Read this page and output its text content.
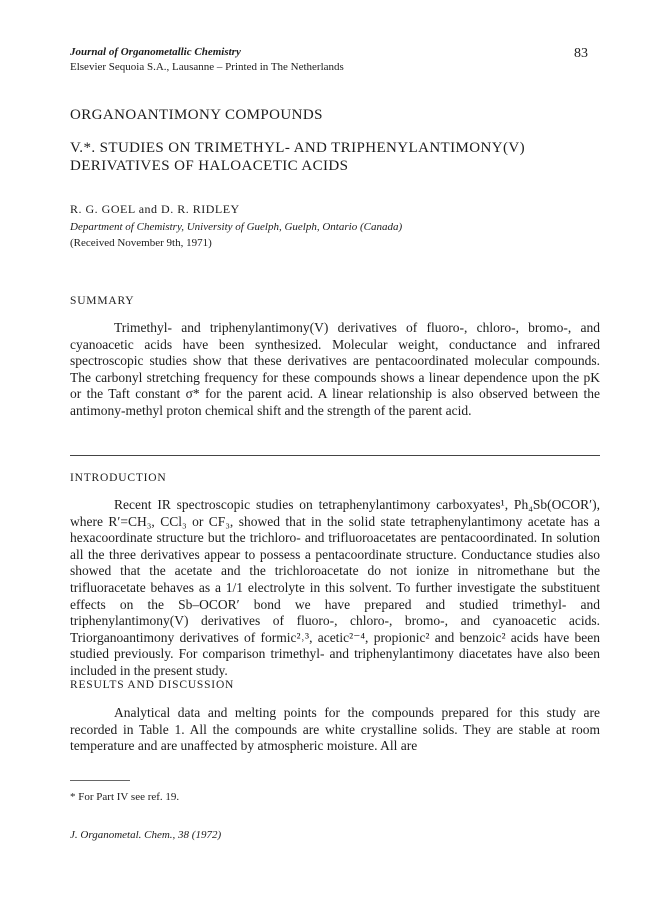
Journal of Organometallic Chemistry
Elsevier Sequoia S.A., Lausanne – Printed in The Netherlands
83
ORGANOANTIMONY COMPOUNDS
V.*. STUDIES ON TRIMETHYL- AND TRIPHENYLANTIMONY(V)
DERIVATIVES OF HALOACETIC ACIDS
R. G. GOEL and D. R. RIDLEY
Department of Chemistry, University of Guelph, Guelph, Ontario (Canada)
(Received November 9th, 1971)
SUMMARY

Trimethyl- and triphenylantimony(V) derivatives of fluoro-, chloro-, bromo-, and cyanoacetic acids have been synthesized. Molecular weight, conductance and infrared spectroscopic studies show that these derivatives are pentacoordinated molecular compounds. The carbonyl stretching frequency for these compounds shows a linear dependence upon the pK or the Taft constant σ* for the parent acid. A linear relationship is also observed between the antimony-methyl proton chemical shift and the strength of the parent acid.

INTRODUCTION

Recent IR spectroscopic studies on tetraphenylantimony carboxyates¹, Ph₄Sb(OCOR′), where R′=CH₃, CCl₃ or CF₃, showed that in the solid state tetraphenylantimony acetate has a hexacoordinate structure but the trichloro- and trifluoroacetates are pentacoordinated. In solution all the three derivatives appear to possess a pentacoordinate structure. Conductance studies also showed that the acetate and the trichloroacetate do not ionize in nitromethane but the trifluoracetate behaves as a 1/1 electrolyte in this solvent. To further investigate the substituent effects on the Sb–OCOR′ bond we have prepared and studied trimethyl- and triphenylantimony(V) derivatives of fluoro-, chloro-, bromo-, and cyanoacetic acids. Triorganoantimony derivatives of formic²˒³, acetic²⁻⁴, propionic² and benzoic² acids have been studied previously. For comparison trimethyl- and triphenylantimony diacetates have also been included in the present study.

RESULTS AND DISCUSSION

Analytical data and melting points for the compounds prepared for this study are recorded in Table 1. All the compounds are white crystalline solids. They are stable at room temperature and are unaffected by atmospheric moisture. All are

* For Part IV see ref. 19.
J. Organometal. Chem., 38 (1972)
